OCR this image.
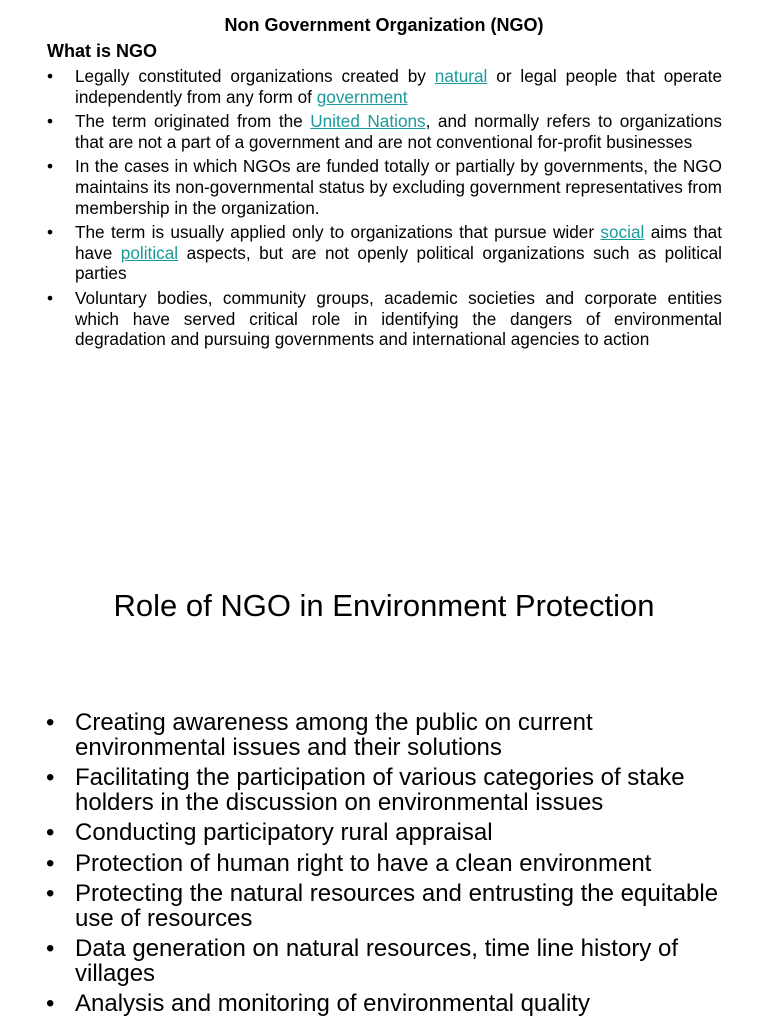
Non Government Organization (NGO)
What is NGO
• Legally constituted organizations created by natural or legal people that operate independently from any form of government
• The term originated from the United Nations, and normally refers to organizations that are not a part of a government and are not conventional for-profit businesses
• In the cases in which NGOs are funded totally or partially by governments, the NGO maintains its non-governmental status by excluding government representatives from membership in the organization.
• The term is usually applied only to organizations that pursue wider social aims that have political aspects, but are not openly political organizations such as political parties
• Voluntary bodies, community groups, academic societies and corporate entities which have served critical role in identifying the dangers of environmental degradation and pursuing governments and international agencies to action
Role of NGO in Environment Protection
• Creating awareness among the public on current environmental issues and their solutions
• Facilitating the participation of various categories of stake holders in the discussion on environmental issues
• Conducting participatory rural appraisal
• Protection of human right to have a clean environment
• Protecting the natural resources and entrusting the equitable use of resources
• Data generation on natural resources, time line history of villages
• Analysis and monitoring of environmental quality
